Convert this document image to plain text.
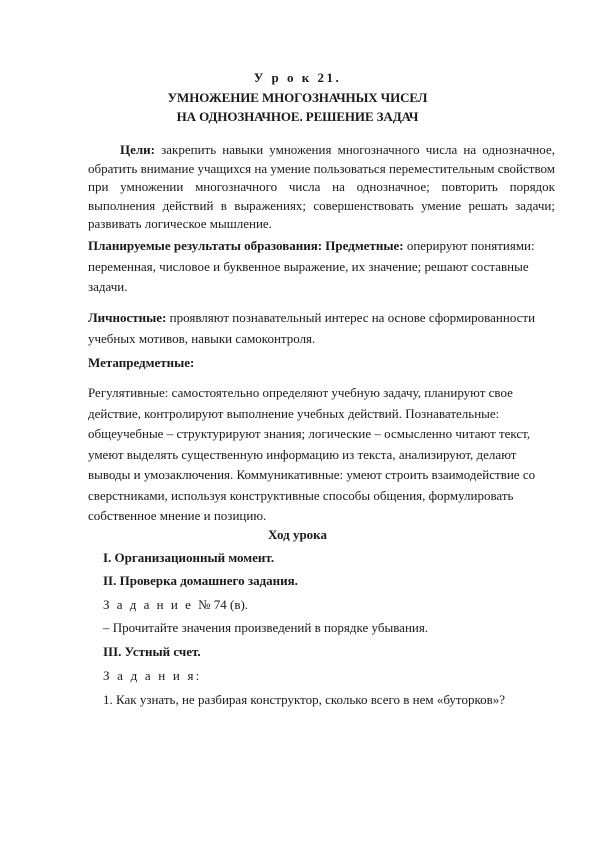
У р о к 21.
УМНОЖЕНИЕ МНОГОЗНАЧНЫХ ЧИСЕЛ
НА ОДНОЗНАЧНОЕ. РЕШЕНИЕ ЗАДАЧ
Цели: закрепить навыки умножения многозначного числа на однозначное, обратить внимание учащихся на умение пользоваться переместительным свойством при умножении многозначного числа на однозначное; повторить порядок выполнения действий в выражениях; совершенствовать умение решать задачи; развивать логическое мышление.
Планируемые результаты образования: Предметные: оперируют понятиями: переменная, числовое и буквенное выражение, их значение; решают составные задачи.
Личностные: проявляют познавательный интерес на основе сформированности учебных мотивов, навыки самоконтроля.
Метапредметные:
Регулятивные: самостоятельно определяют учебную задачу, планируют свое действие, контролируют выполнение учебных действий. Познавательные: общеучебные – структурируют знания; логические – осмысленно читают текст, умеют выделять существенную информацию из текста, анализируют, делают выводы и умозаключения. Коммуникативные: умеют строить взаимодействие со сверстниками, используя конструктивные способы общения, формулировать собственное мнение и позицию.
Ход урока
I. Организационный момент.
II. Проверка домашнего задания.
З а д а н и е № 74 (в).
– Прочитайте значения произведений в порядке убывания.
III. Устный счет.
З а д а н и я:
1. Как узнать, не разбирая конструктор, сколько всего в нем «буторков»?
